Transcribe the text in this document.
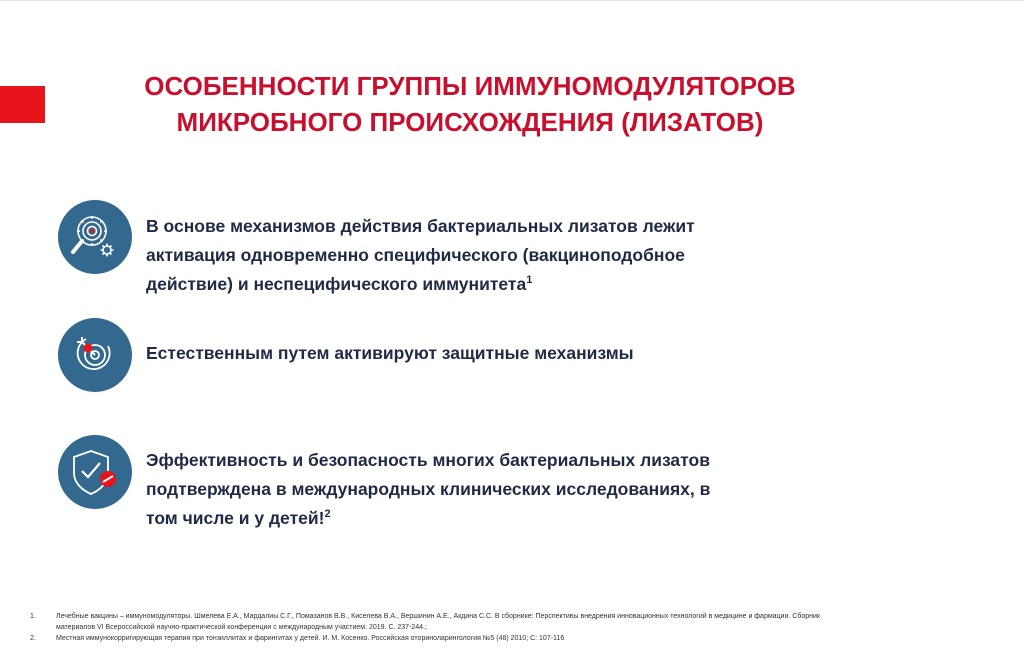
ОСОБЕННОСТИ ГРУППЫ ИММУНОМОДУЛЯТОРОВ
МИКРОБНОГО ПРОИСХОЖДЕНИЯ (ЛИЗАТОВ)
В основе механизмов действия бактериальных лизатов лежит
активация одновременно специфического (вакциноподобное
действие) и неспецифического иммунитета$^1$
Естественным путем активируют защитные механизмы
Эффективность и безопасность многих бактериальных лизатов
подтверждена в международных клинических исследованиях, в
том числе и у детей!$^2$
1.	Лечебные вакцины – иммуномодуляторы. Шмелева Е.А., Мардалиы С.Г., Помазанов В.В., Киселева В.А., Вершинин А.Е., Акдина С.С. В сборнике: Перспективы внедрения инновационных технологий в медицине и фармации. Сборник
материалов VI Всероссийской научно-практической конференции с международным участием. 2019. С. 237-244.;
2.	Местная иммунокорригирующая терапия при тонзиллитах и фарингитах у детей. И. М. Косенко. Российская оториноларингология №5 (48) 2010; С: 107-116
